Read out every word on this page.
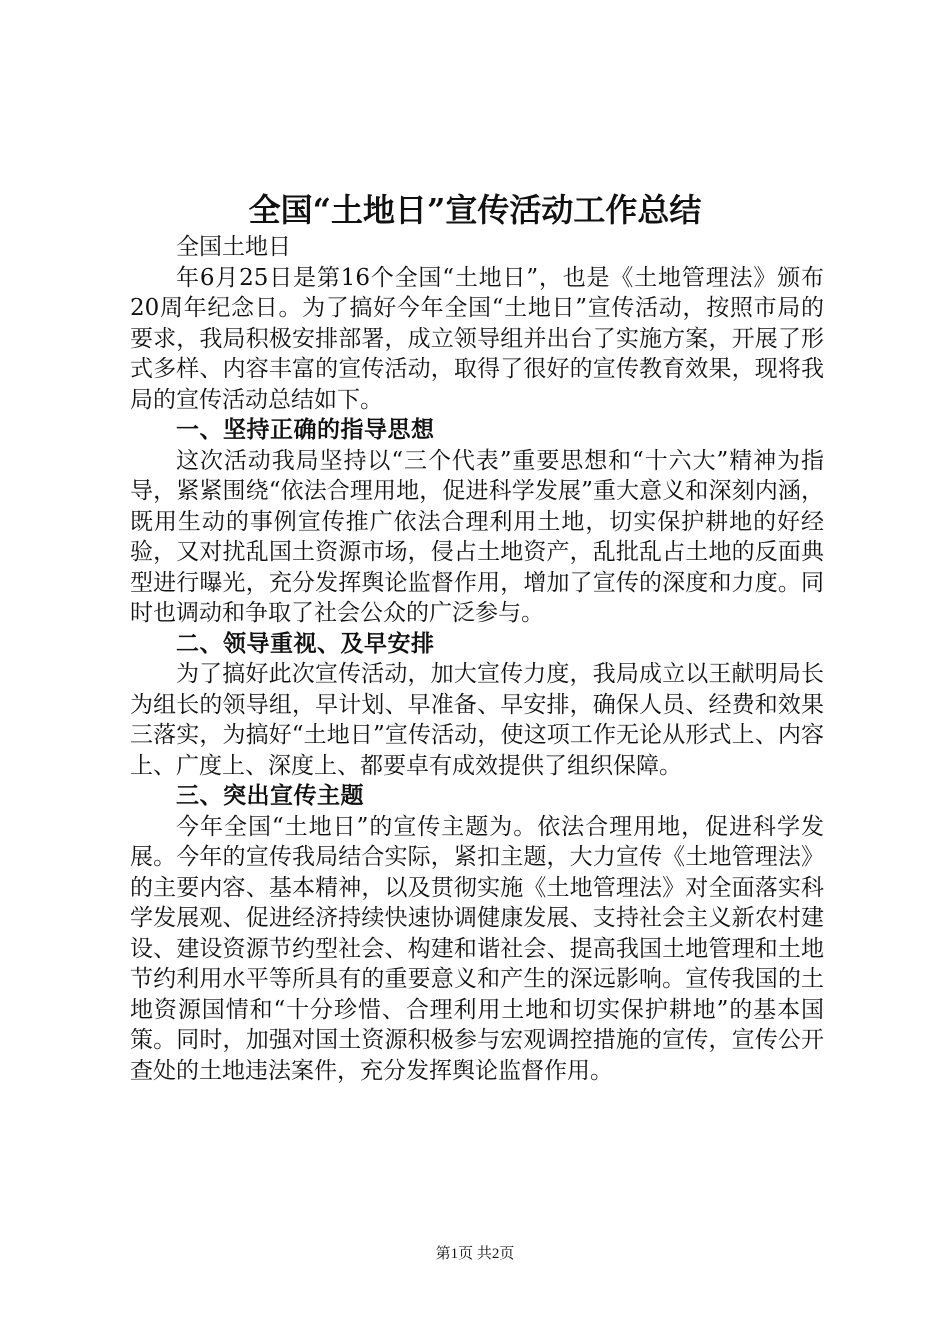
全国“土地日”宣传活动工作总结

全国土地日

年6月25日是第16个全国“土地日”，也是《土地管理法》颁布20周年纪念日。为了搞好今年全国“土地日”宣传活动，按照市局的要求，我局积极安排部署，成立领导组并出台了实施方案，开展了形式多样、内容丰富的宣传活动，取得了很好的宣传教育效果，现将我局的宣传活动总结如下。

一、坚持正确的指导思想

这次活动我局坚持以“三个代表”重要思想和“十六大”精神为指导，紧紧围绕“依法合理用地，促进科学发展”重大意义和深刻内涵，既用生动的事例宣传推广依法合理利用土地，切实保护耕地的好经验，又对扰乱国土资源市场，侵占土地资产，乱批乱占土地的反面典型进行曝光，充分发挥舆论监督作用，增加了宣传的深度和力度。同时也调动和争取了社会公众的广泛参与。

二、领导重视、及早安排

为了搞好此次宣传活动，加大宣传力度，我局成立以王献明局长为组长的领导组，早计划、早准备、早安排，确保人员、经费和效果三落实，为搞好“土地日”宣传活动，使这项工作无论从形式上、内容上、广度上、深度上、都要卓有成效提供了组织保障。

三、突出宣传主题

今年全国“土地日”的宣传主题为。依法合理用地，促进科学发展。今年的宣传我局结合实际，紧扣主题，大力宣传《土地管理法》的主要内容、基本精神，以及贯彻实施《土地管理法》对全面落实科学发展观、促进经济持续快速协调健康发展、支持社会主义新农村建设、建设资源节约型社会、构建和谐社会、提高我国土地管理和土地节约利用水平等所具有的重要意义和产生的深远影响。宣传我国的土地资源国情和“十分珍惜、合理利用土地和切实保护耕地”的基本国策。同时，加强对国土资源积极参与宏观调控措施的宣传，宣传公开查处的土地违法案件，充分发挥舆论监督作用。

第1页 共2页
